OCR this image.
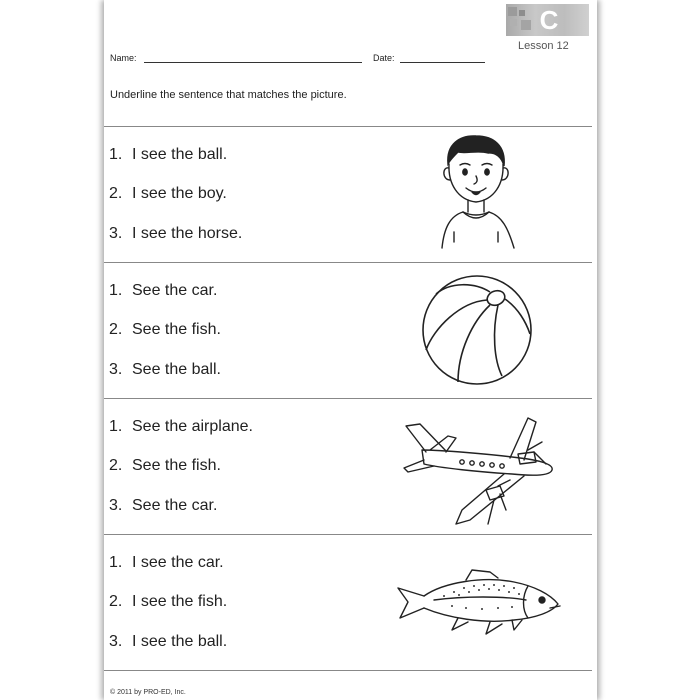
C
Lesson 12
Name:	Date:
Underline the sentence that matches the picture.
1. I see the ball.
2. I see the boy.
3. I see the horse.
1. See the car.
2. See the fish.
3. See the ball.
1. See the airplane.
2. See the fish.
3. See the car.
1. I see the car.
2. I see the fish.
3. I see the ball.
© 2011 by PRO-ED, Inc.
